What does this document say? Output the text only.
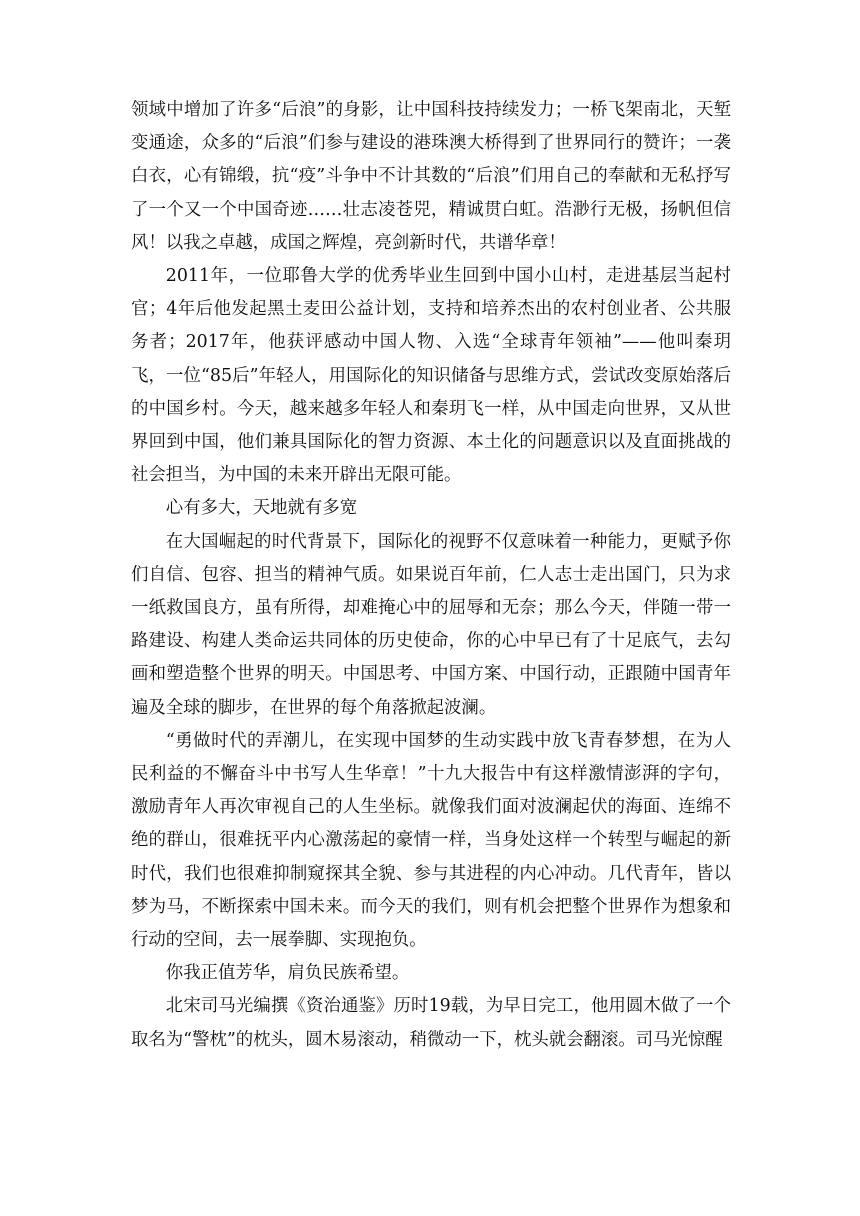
领域中增加了许多“后浪”的身影，让中国科技持续发力；一桥飞架南北，天堑变通途，众多的“后浪”们参与建设的港珠澳大桥得到了世界同行的赞许；一袭白衣，心有锦缎，抗“疫”斗争中不计其数的“后浪”们用自己的奉献和无私抒写了一个又一个中国奇迹……壮志凌苍兕，精诚贯白虹。浩渺行无极，扬帆但信风！以我之卓越，成国之辉煌，亮剑新时代，共谱华章！

2011年，一位耶鲁大学的优秀毕业生回到中国小山村，走进基层当起村官；4年后他发起黑土麦田公益计划，支持和培养杰出的农村创业者、公共服务者；2017年，他获评感动中国人物、入选“全球青年领袖”——他叫秦玥飞，一位“85后”年轻人，用国际化的知识储备与思维方式，尝试改变原始落后的中国乡村。今天，越来越多年轻人和秦玥飞一样，从中国走向世界，又从世界回到中国，他们兼具国际化的智力资源、本土化的问题意识以及直面挑战的社会担当，为中国的未来开辟出无限可能。

心有多大，天地就有多宽

在大国崛起的时代背景下，国际化的视野不仅意味着一种能力，更赋予你们自信、包容、担当的精神气质。如果说百年前，仁人志士走出国门，只为求一纸救国良方，虽有所得，却难掩心中的屈辱和无奈；那么今天，伴随一带一路建设、构建人类命运共同体的历史使命，你的心中早已有了十足底气，去勾画和塑造整个世界的明天。中国思考、中国方案、中国行动，正跟随中国青年遍及全球的脚步，在世界的每个角落掀起波澜。

“勇做时代的弄潮儿，在实现中国梦的生动实践中放飞青春梦想，在为人民利益的不懈奋斗中书写人生华章！”十九大报告中有这样激情澎湃的字句，激励青年人再次审视自己的人生坐标。就像我们面对波澜起伏的海面、连绵不绝的群山，很难抚平内心激荡起的豪情一样，当身处这样一个转型与崛起的新时代，我们也很难抑制窥探其全貌、参与其进程的内心冲动。几代青年，皆以梦为马，不断探索中国未来。而今天的我们，则有机会把整个世界作为想象和行动的空间，去一展拳脚、实现抱负。

你我正值芳华，肩负民族希望。

北宋司马光编撰《资治通鉴》历时19载，为早日完工，他用圆木做了一个取名为“警枕”的枕头，圆木易滚动，稍微动一下，枕头就会翻滚。司马光惊醒
